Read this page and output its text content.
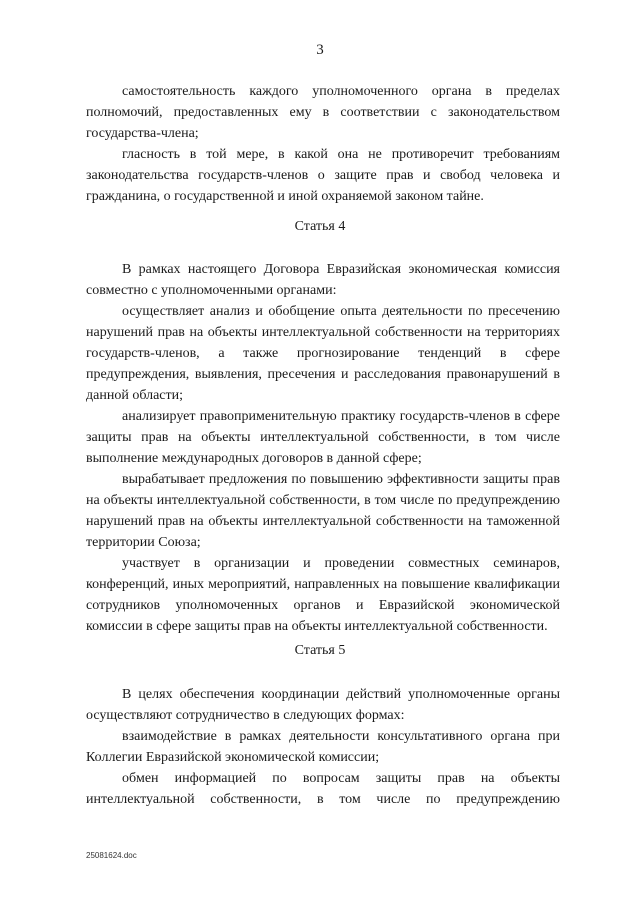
3

самостоятельность каждого уполномоченного органа в пределах полномочий, предоставленных ему в соответствии с законодательством государства-члена;

гласность в той мере, в какой она не противоречит требованиям законодательства государств-членов о защите прав и свобод человека и гражданина, о государственной и иной охраняемой законом тайне.

Статья 4

В рамках настоящего Договора Евразийская экономическая комиссия совместно с уполномоченными органами:

осуществляет анализ и обобщение опыта деятельности по пресечению нарушений прав на объекты интеллектуальной собственности на территориях государств-членов, а также прогнозирование тенденций в сфере предупреждения, выявления, пресечения и расследования правонарушений в данной области;

анализирует правоприменительную практику государств-членов в сфере защиты прав на объекты интеллектуальной собственности, в том числе выполнение международных договоров в данной сфере;

вырабатывает предложения по повышению эффективности защиты прав на объекты интеллектуальной собственности, в том числе по предупреждению нарушений прав на объекты интеллектуальной собственности на таможенной территории Союза;

участвует в организации и проведении совместных семинаров, конференций, иных мероприятий, направленных на повышение квалификации сотрудников уполномоченных органов и Евразийской экономической комиссии в сфере защиты прав на объекты интеллектуальной собственности.

Статья 5

В целях обеспечения координации действий уполномоченные органы осуществляют сотрудничество в следующих формах:

взаимодействие в рамках деятельности консультативного органа при Коллегии Евразийской экономической комиссии;

обмен информацией по вопросам защиты прав на объекты интеллектуальной собственности, в том числе по предупреждению

25081624.doc
